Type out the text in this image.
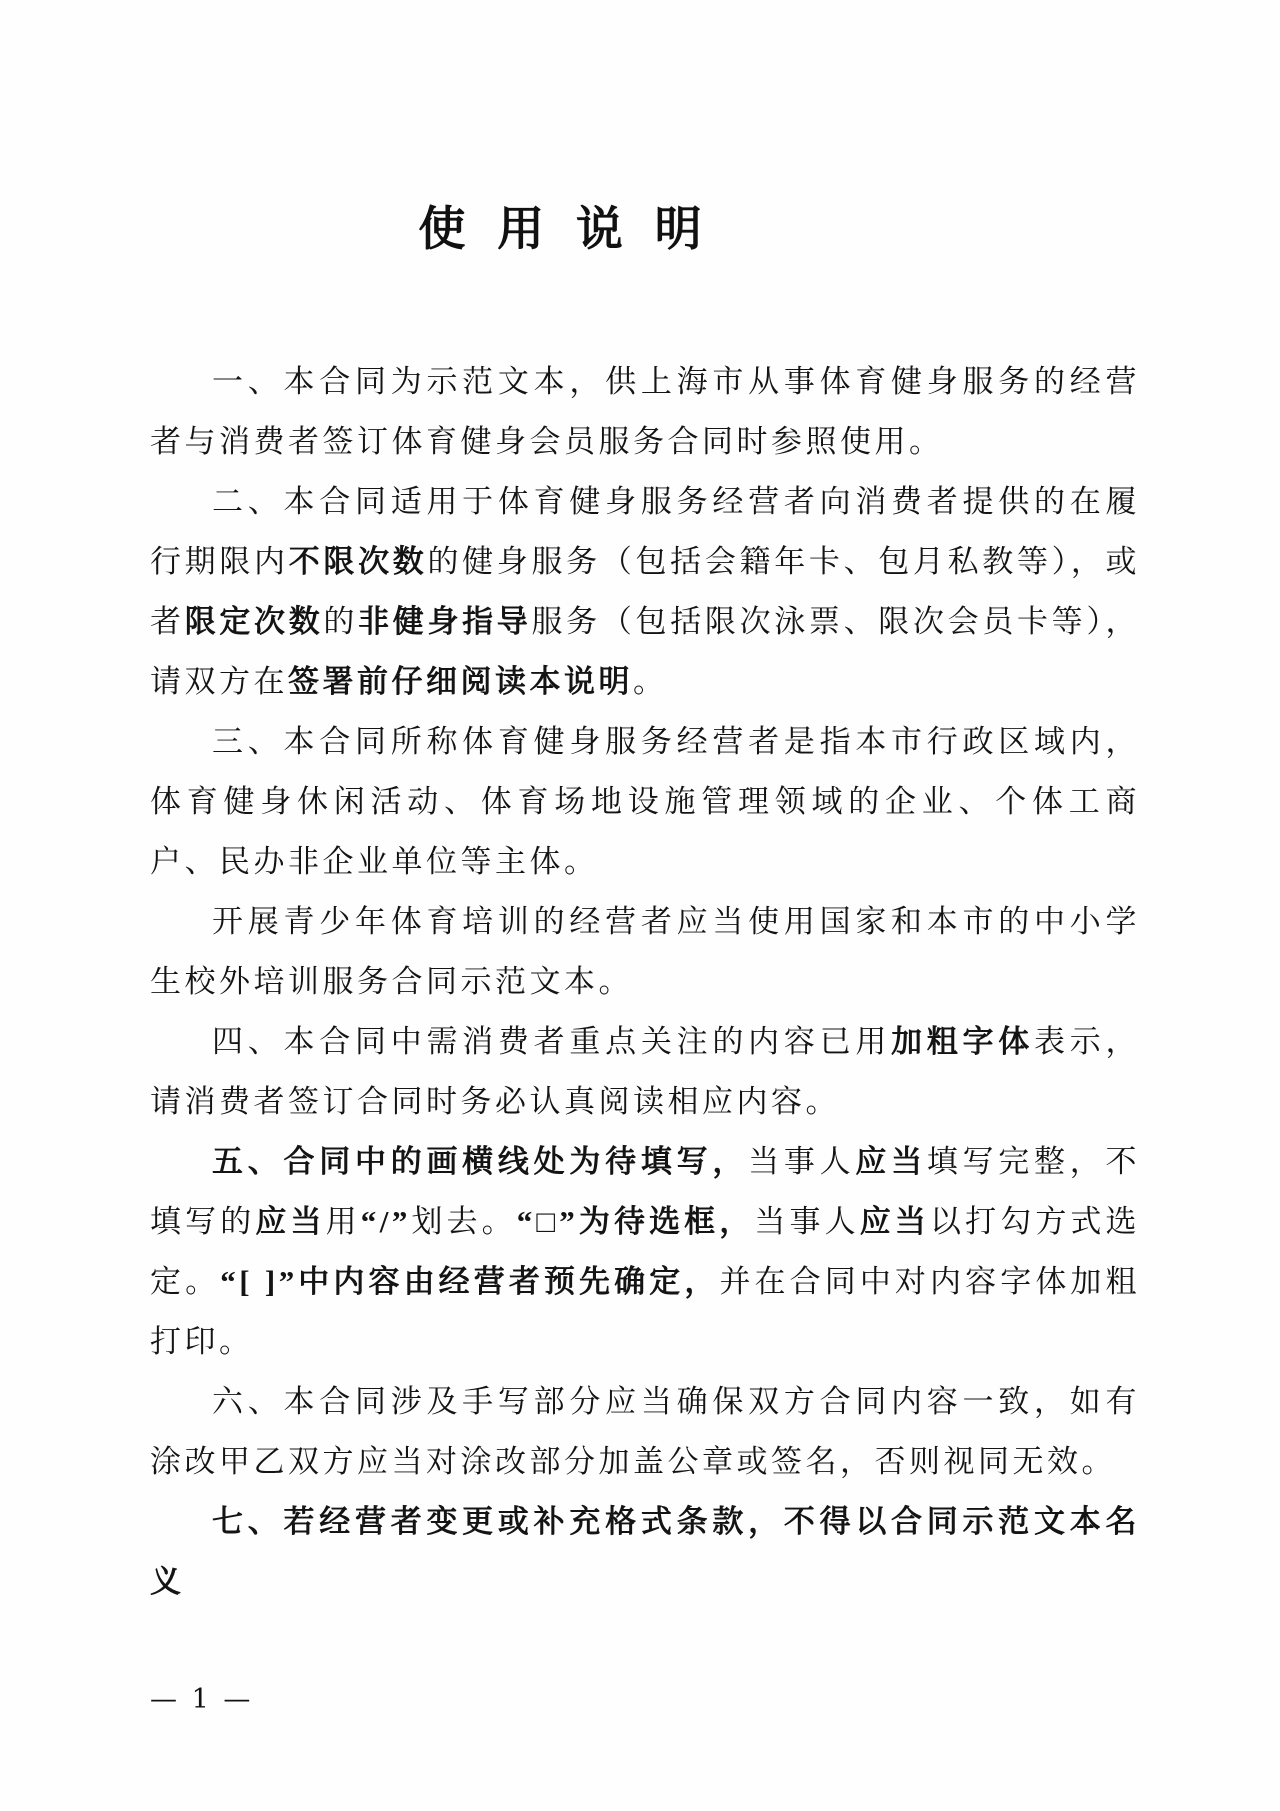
使 用 说 明

一、本合同为示范文本，供上海市从事体育健身服务的经营者与消费者签订体育健身会员服务合同时参照使用。

二、本合同适用于体育健身服务经营者向消费者提供的在履行期限内不限次数的健身服务（包括会籍年卡、包月私教等），或者限定次数的非健身指导服务（包括限次泳票、限次会员卡等），请双方在签署前仔细阅读本说明。

三、本合同所称体育健身服务经营者是指本市行政区域内，体育健身休闲活动、体育场地设施管理领域的企业、个体工商户、民办非企业单位等主体。

开展青少年体育培训的经营者应当使用国家和本市的中小学生校外培训服务合同示范文本。

四、本合同中需消费者重点关注的内容已用加粗字体表示，请消费者签订合同时务必认真阅读相应内容。

五、合同中的画横线处为待填写，当事人应当填写完整，不填写的应当用“/”划去。“□”为待选框，当事人应当以打勾方式选定。“[ ]”中内容由经营者预先确定，并在合同中对内容字体加粗打印。

六、本合同涉及手写部分应当确保双方合同内容一致，如有涂改甲乙双方应当对涂改部分加盖公章或签名，否则视同无效。

七、若经营者变更或补充格式条款，不得以合同示范文本名义

— 1 —
